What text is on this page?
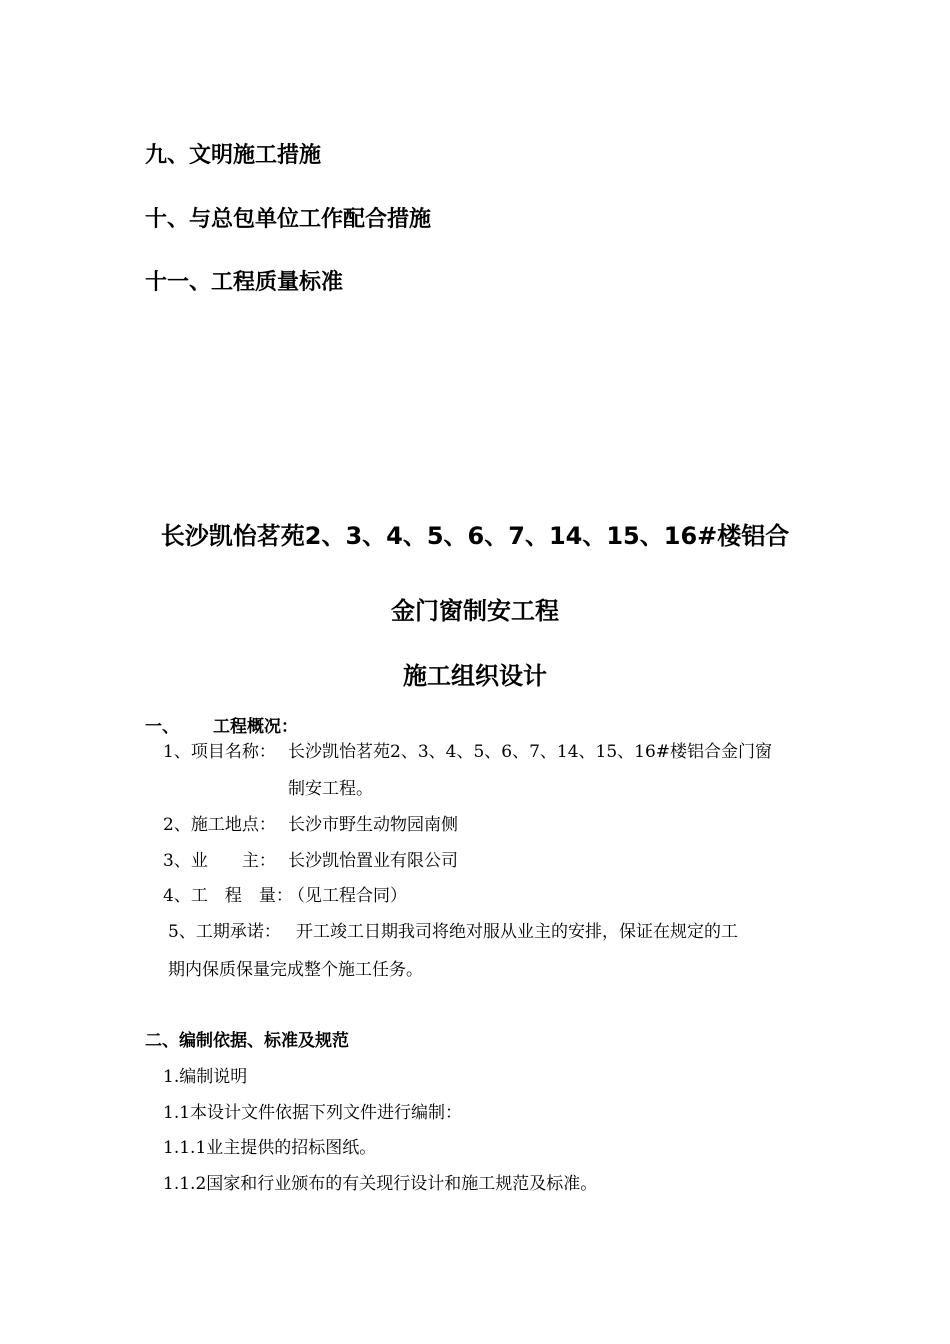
九、文明施工措施
十、与总包单位工作配合措施
十一、工程质量标准
长沙凯怡茗苑2、3、4、5、6、7、14、15、16#楼铝合
金门窗制安工程
施工组织设计
一、 工程概况：
1、项目名称： 长沙凯怡茗苑2、3、4、5、6、7、14、15、16#楼铝合金门窗
制安工程。
2、施工地点： 长沙市野生动物园南侧
3、业　　主： 长沙凯怡置业有限公司
4、工　程　量：
（见工程合同）
5、工期承诺： 开工竣工日期我司将绝对服从业主的安排，保证在规定的工
期内保质保量完成整个施工任务。
二、编制依据、标准及规范
1.编制说明
1.1本设计文件依据下列文件进行编制：
1.1.1业主提供的招标图纸。
1.1.2国家和行业颁布的有关现行设计和施工规范及标准。
